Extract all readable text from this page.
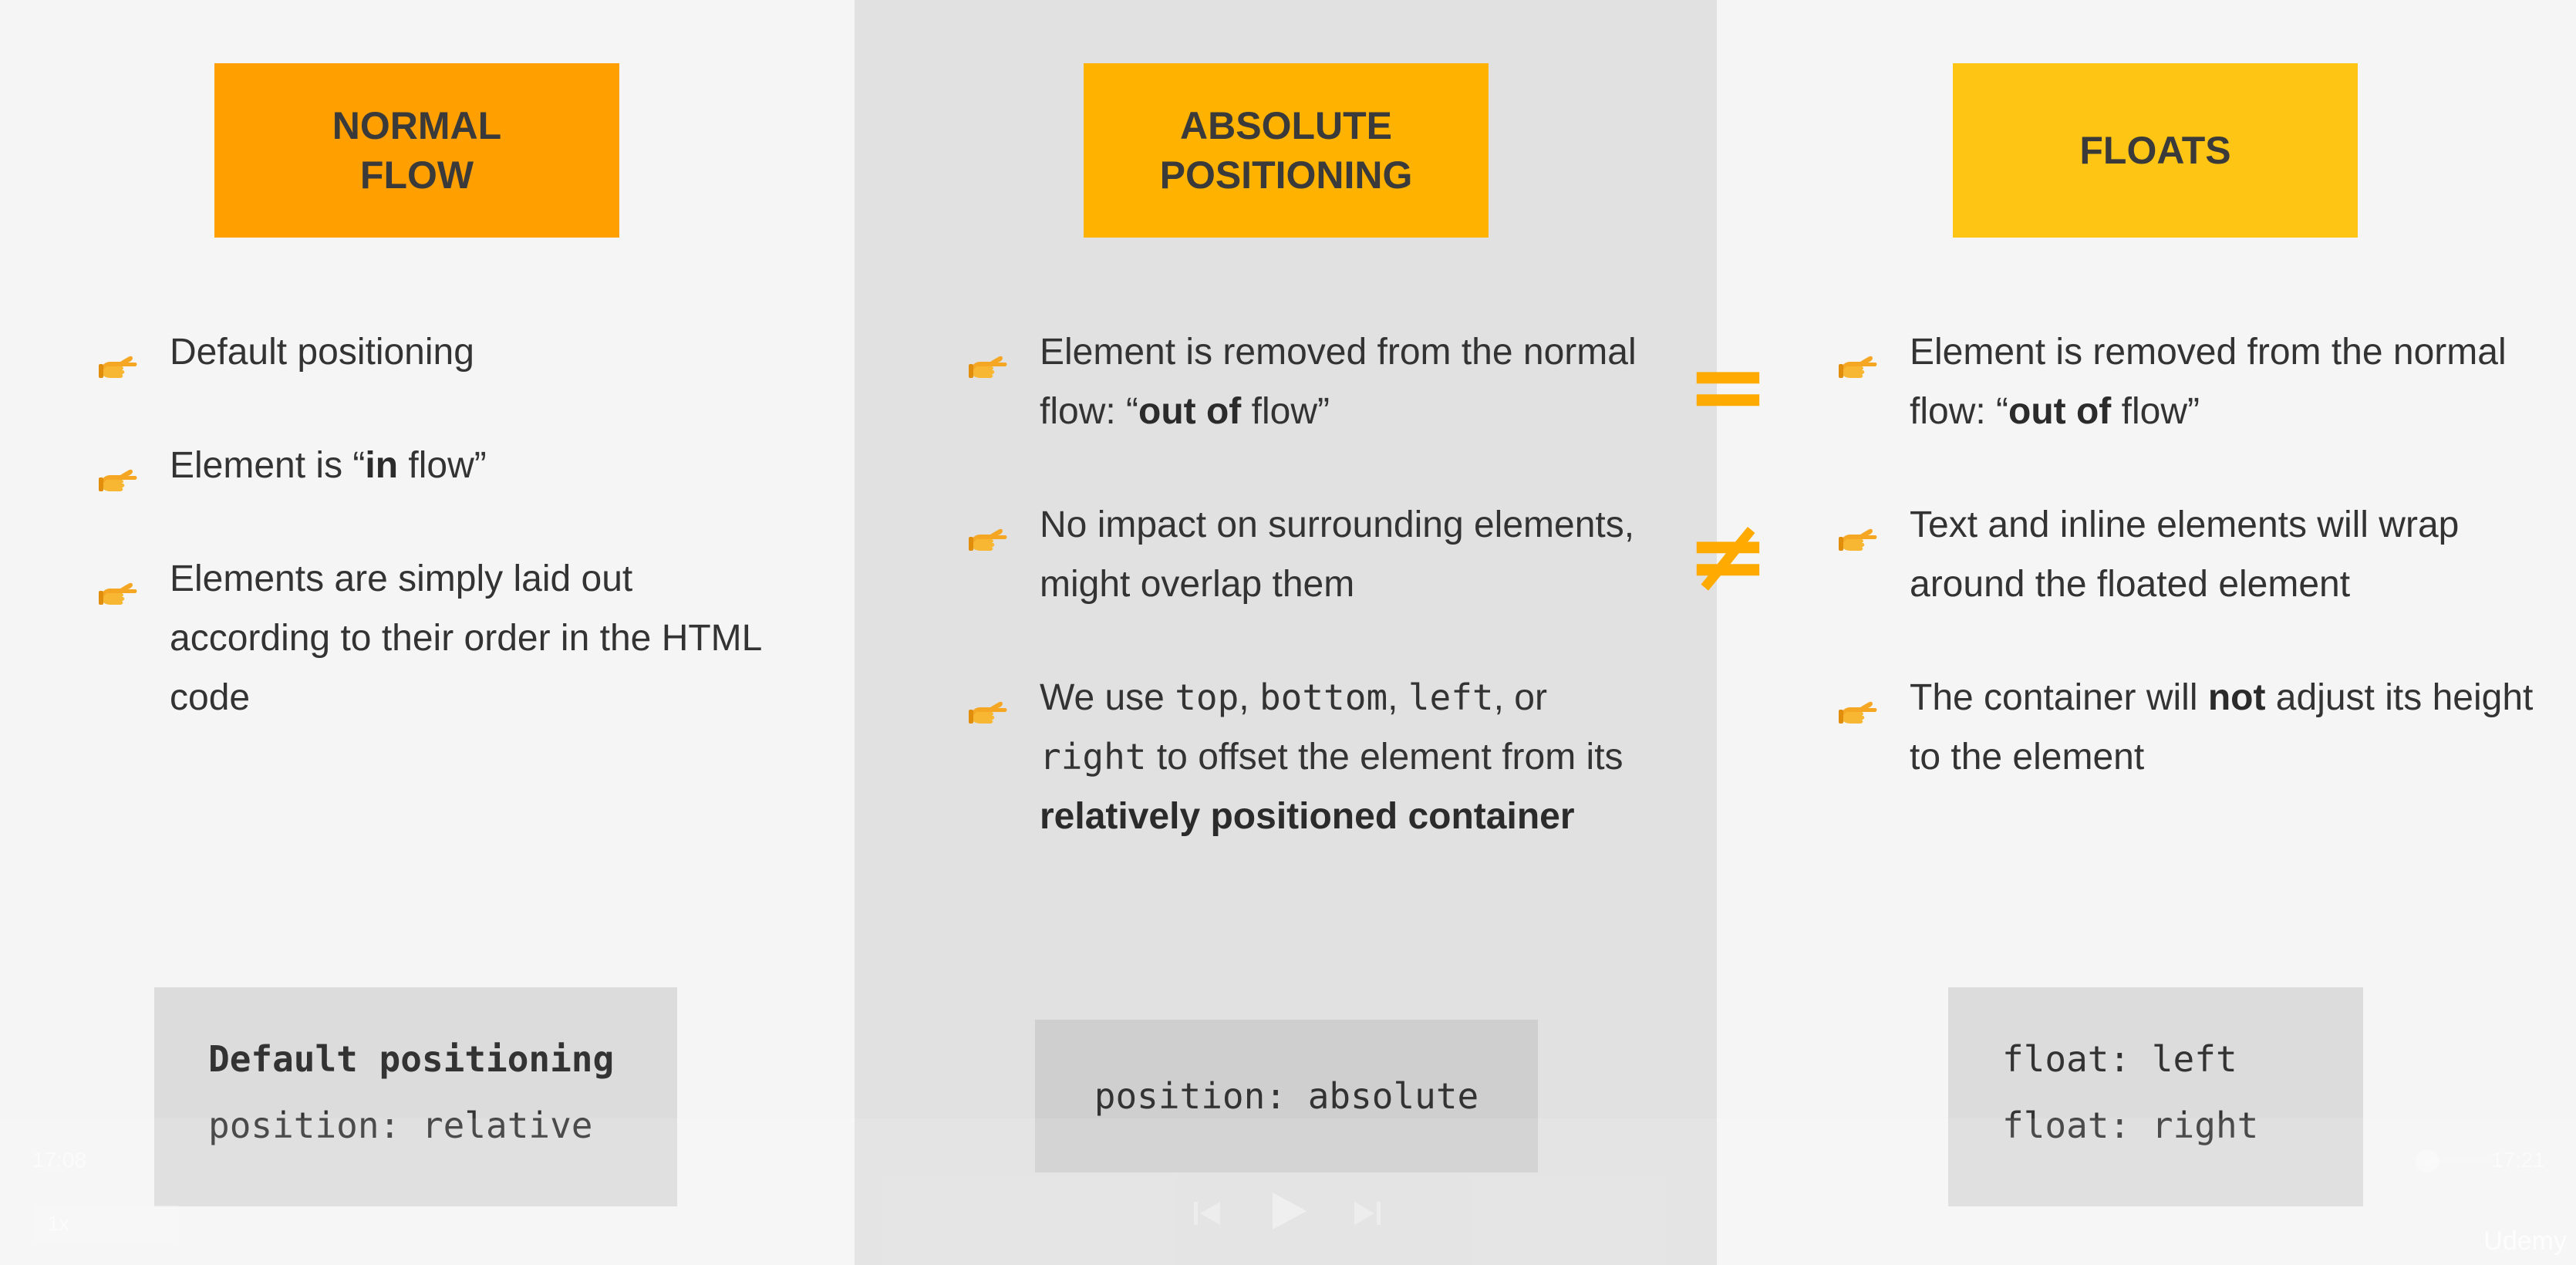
NORMAL
FLOW
Default positioning
Element is “in flow”
Elements are simply laid out according to their order in the HTML code
ABSOLUTE
POSITIONING
Element is removed from the normal flow: “out of flow”
No impact on surrounding elements, might overlap them
We use top, bottom, left, or right to offset the element from its relatively positioned container
FLOATS
Element is removed from the normal flow: “out of flow”
Text and inline elements will wrap around the floated element
The container will not adjust its height to the element
Default positioning
position: relative
position: absolute
float: left
float: right
=
≠
17:08
1x
17:21
Udemy
